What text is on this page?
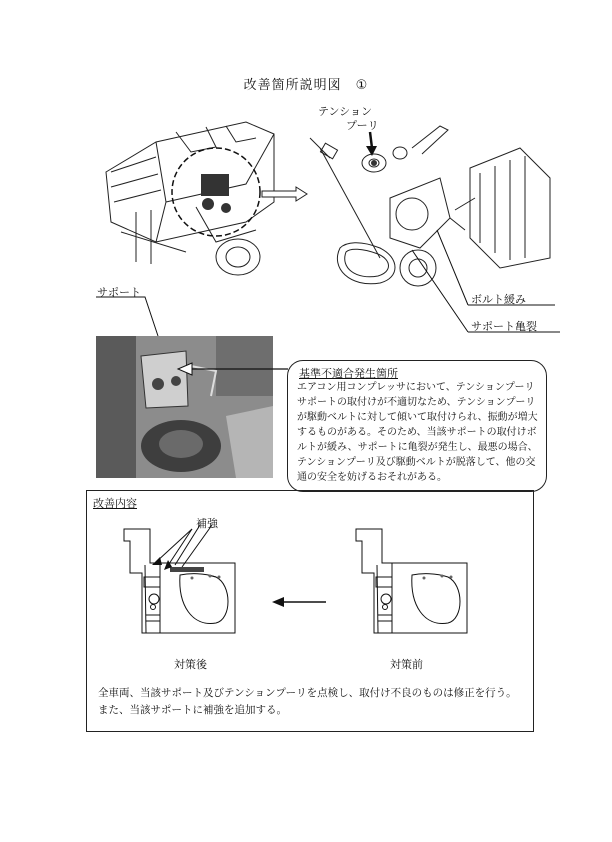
改善箇所説明図　①
テンション
プーリ
ボルト緩み
サポート亀裂
サポート
基準不適合発生箇所
エアコン用コンプレッサにおいて、テンションプーリサポートの取付けが不適切なため、テンションプーリが駆動ベルトに対して傾いて取付けられ、振動が増大するものがある。そのため、当該サポートの取付けボルトが緩み、サポートに亀裂が発生し、最悪の場合、テンションプーリ及び駆動ベルトが脱落して、他の交通の安全を妨げるおそれがある。
改善内容
補強
対策後	対策前
全車両、当該サポート及びテンションプーリを点検し、取付け不良のものは修正を行う。
また、当該サポートに補強を追加する。
